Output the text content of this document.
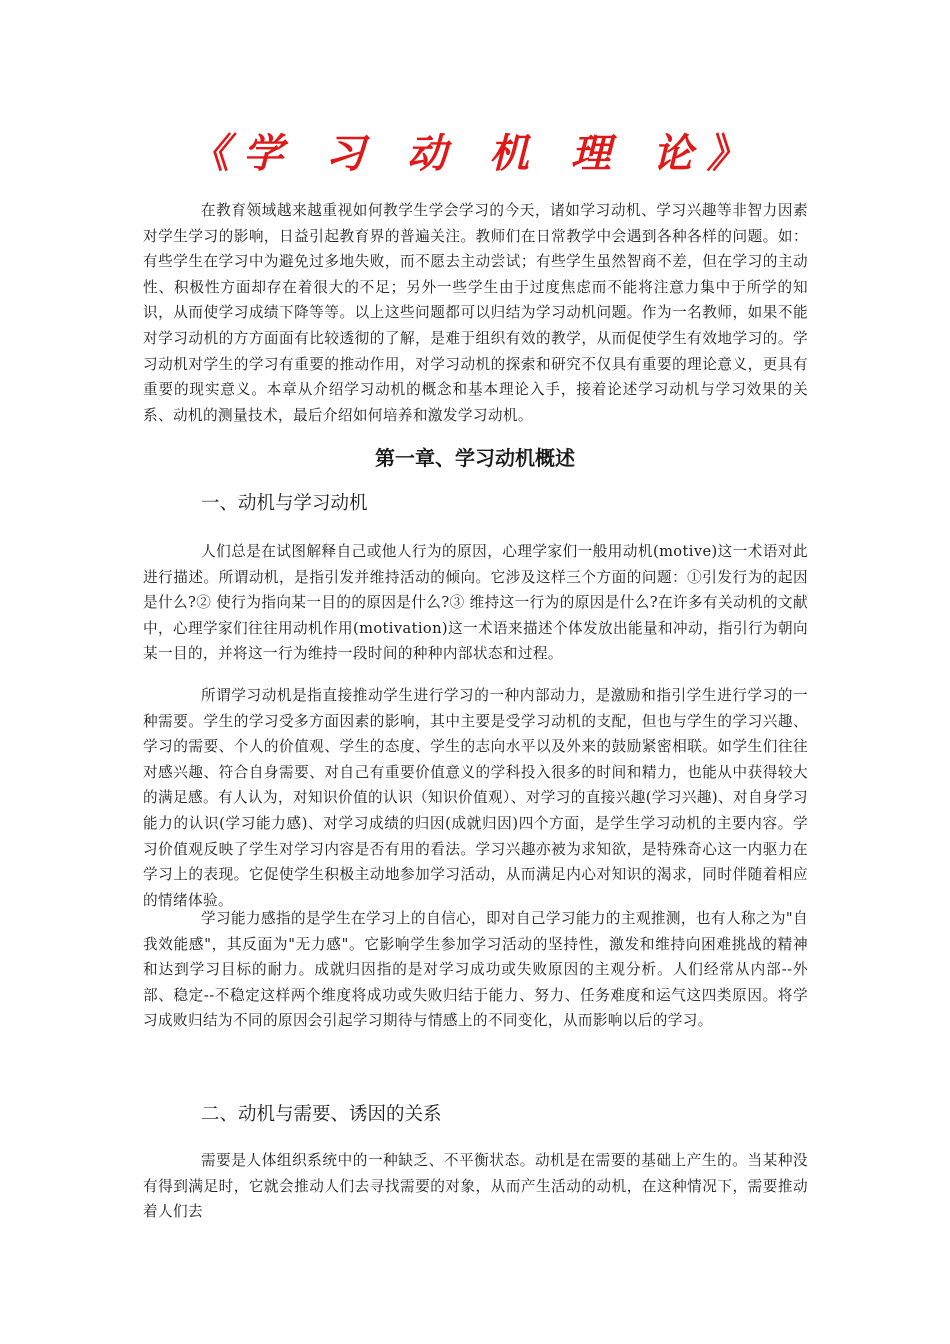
《学 习 动 机 理 论》

在教育领域越来越重视如何教学生学会学习的今天，诸如学习动机、学习兴趣等非智力因素对学生学习的影响，日益引起教育界的普遍关注。教师们在日常教学中会遇到各种各样的问题。如：有些学生在学习中为避免过多地失败，而不愿去主动尝试；有些学生虽然智商不差，但在学习的主动性、积极性方面却存在着很大的不足；另外一些学生由于过度焦虑而不能将注意力集中于所学的知识，从而使学习成绩下降等等。以上这些问题都可以归结为学习动机问题。作为一名教师，如果不能对学习动机的方方面面有比较透彻的了解，是难于组织有效的教学，从而促使学生有效地学习的。学习动机对学生的学习有重要的推动作用，对学习动机的探索和研究不仅具有重要的理论意义，更具有重要的现实意义。本章从介绍学习动机的概念和基本理论入手，接着论述学习动机与学习效果的关系、动机的测量技术，最后介绍如何培养和激发学习动机。

第一章、学习动机概述
一、动机与学习动机

人们总是在试图解释自己或他人行为的原因，心理学家们一般用动机(motive)这一术语对此进行描述。所谓动机，是指引发并维持活动的倾向。它涉及这样三个方面的问题：①引发行为的起因是什么?② 使行为指向某一目的的原因是什么?③ 维持这一行为的原因是什么?在许多有关动机的文献中，心理学家们往往用动机作用(motivation)这一术语来描述个体发放出能量和冲动，指引行为朝向某一目的，并将这一行为维持一段时间的种种内部状态和过程。

所谓学习动机是指直接推动学生进行学习的一种内部动力，是激励和指引学生进行学习的一种需要。学生的学习受多方面因素的影响，其中主要是受学习动机的支配，但也与学生的学习兴趣、学习的需要、个人的价值观、学生的态度、学生的志向水平以及外来的鼓励紧密相联。如学生们往往对感兴趣、符合自身需要、对自己有重要价值意义的学科投入很多的时间和精力，也能从中获得较大的满足感。有人认为，对知识价值的认识（知识价值观）、对学习的直接兴趣(学习兴趣)、对自身学习能力的认识(学习能力感)、对学习成绩的归因(成就归因)四个方面，是学生学习动机的主要内容。学习价值观反映了学生对学习内容是否有用的看法。学习兴趣亦被为求知欲，是特殊奇心这一内驱力在学习上的表现。它促使学生积极主动地参加学习活动，从而满足内心对知识的渴求，同时伴随着相应的情绪体验。

学习能力感指的是学生在学习上的自信心，即对自己学习能力的主观推测，也有人称之为"自我效能感"，其反面为"无力感"。它影响学生参加学习活动的坚持性，激发和维持向困难挑战的精神和达到学习目标的耐力。成就归因指的是对学习成功或失败原因的主观分析。人们经常从内部--外部、稳定--不稳定这样两个维度将成功或失败归结于能力、努力、任务难度和运气这四类原因。将学习成败归结为不同的原因会引起学习期待与情感上的不同变化，从而影响以后的学习。

二、动机与需要、诱因的关系

需要是人体组织系统中的一种缺乏、不平衡状态。动机是在需要的基础上产生的。当某种没有得到满足时，它就会推动人们去寻找需要的对象，从而产生活动的动机，在这种情况下，需要推动着人们去
